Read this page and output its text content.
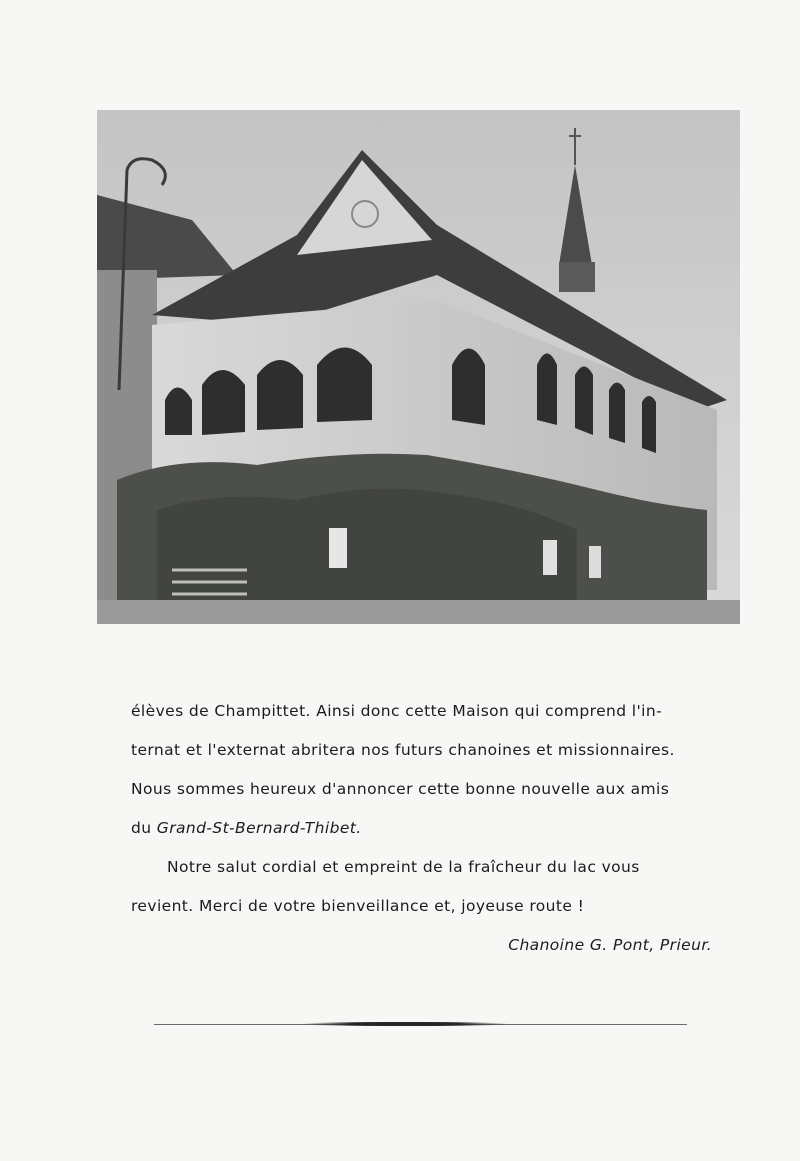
élèves de Champittet. Ainsi donc cette Maison qui comprend l'in-
ternat et l'externat abritera nos futurs chanoines et missionnaires.
Nous sommes heureux d'annoncer cette bonne nouvelle aux amis
du Grand-St-Bernard-Thibet.

Notre salut cordial et empreint de la fraîcheur du lac vous
revient. Merci de votre bienveillance et, joyeuse route !

Chanoine G. Pont, Prieur.
